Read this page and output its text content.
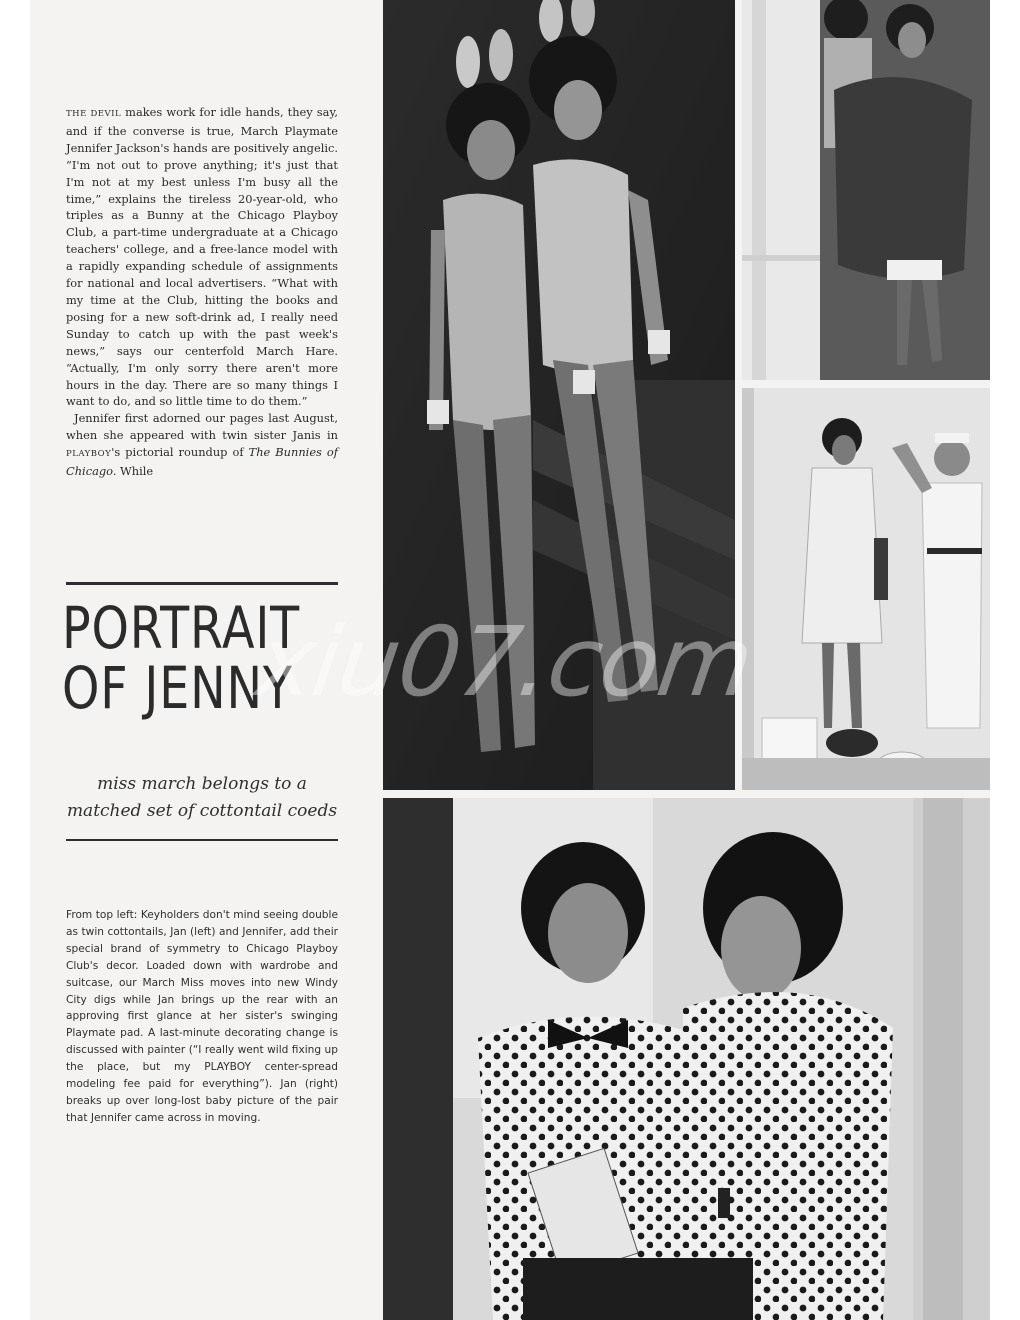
THE DEVIL makes work for idle hands, they say, and if the converse is true, March Playmate Jennifer Jackson's hands are positively angelic. “I'm not out to prove anything; it's just that I'm not at my best unless I'm busy all the time,” explains the tireless 20-year-old, who triples as a Bunny at the Chicago Playboy Club, a part-time undergraduate at a Chicago teachers' college, and a free-lance model with a rapidly expanding schedule of assignments for national and local advertisers. “What with my time at the Club, hitting the books and posing for a new soft-drink ad, I really need Sunday to catch up with the past week's news,” says our centerfold March Hare. “Actually, I'm only sorry there aren't more hours in the day. There are so many things I want to do, and so little time to do them.”

Jennifer first adorned our pages last August, when she appeared with twin sister Janis in PLAYBOY's pictorial roundup of The Bunnies of Chicago. While

PORTRAIT
OF JENNY
miss march belongs to a
matched set of cottontail coeds
From top left: Keyholders don't mind seeing double as twin cottontails, Jan (left) and Jennifer, add their special brand of symmetry to Chicago Playboy Club's decor. Loaded down with wardrobe and suitcase, our March Miss moves into new Windy City digs while Jan brings up the rear with an approving first glance at her sister's swinging Playmate pad. A last-minute decorating change is discussed with painter (“I really went wild fixing up the place, but my PLAYBOY center-spread modeling fee paid for everything”). Jan (right) breaks up over long-lost baby picture of the pair that Jennifer came across in moving.
xiu07.com
